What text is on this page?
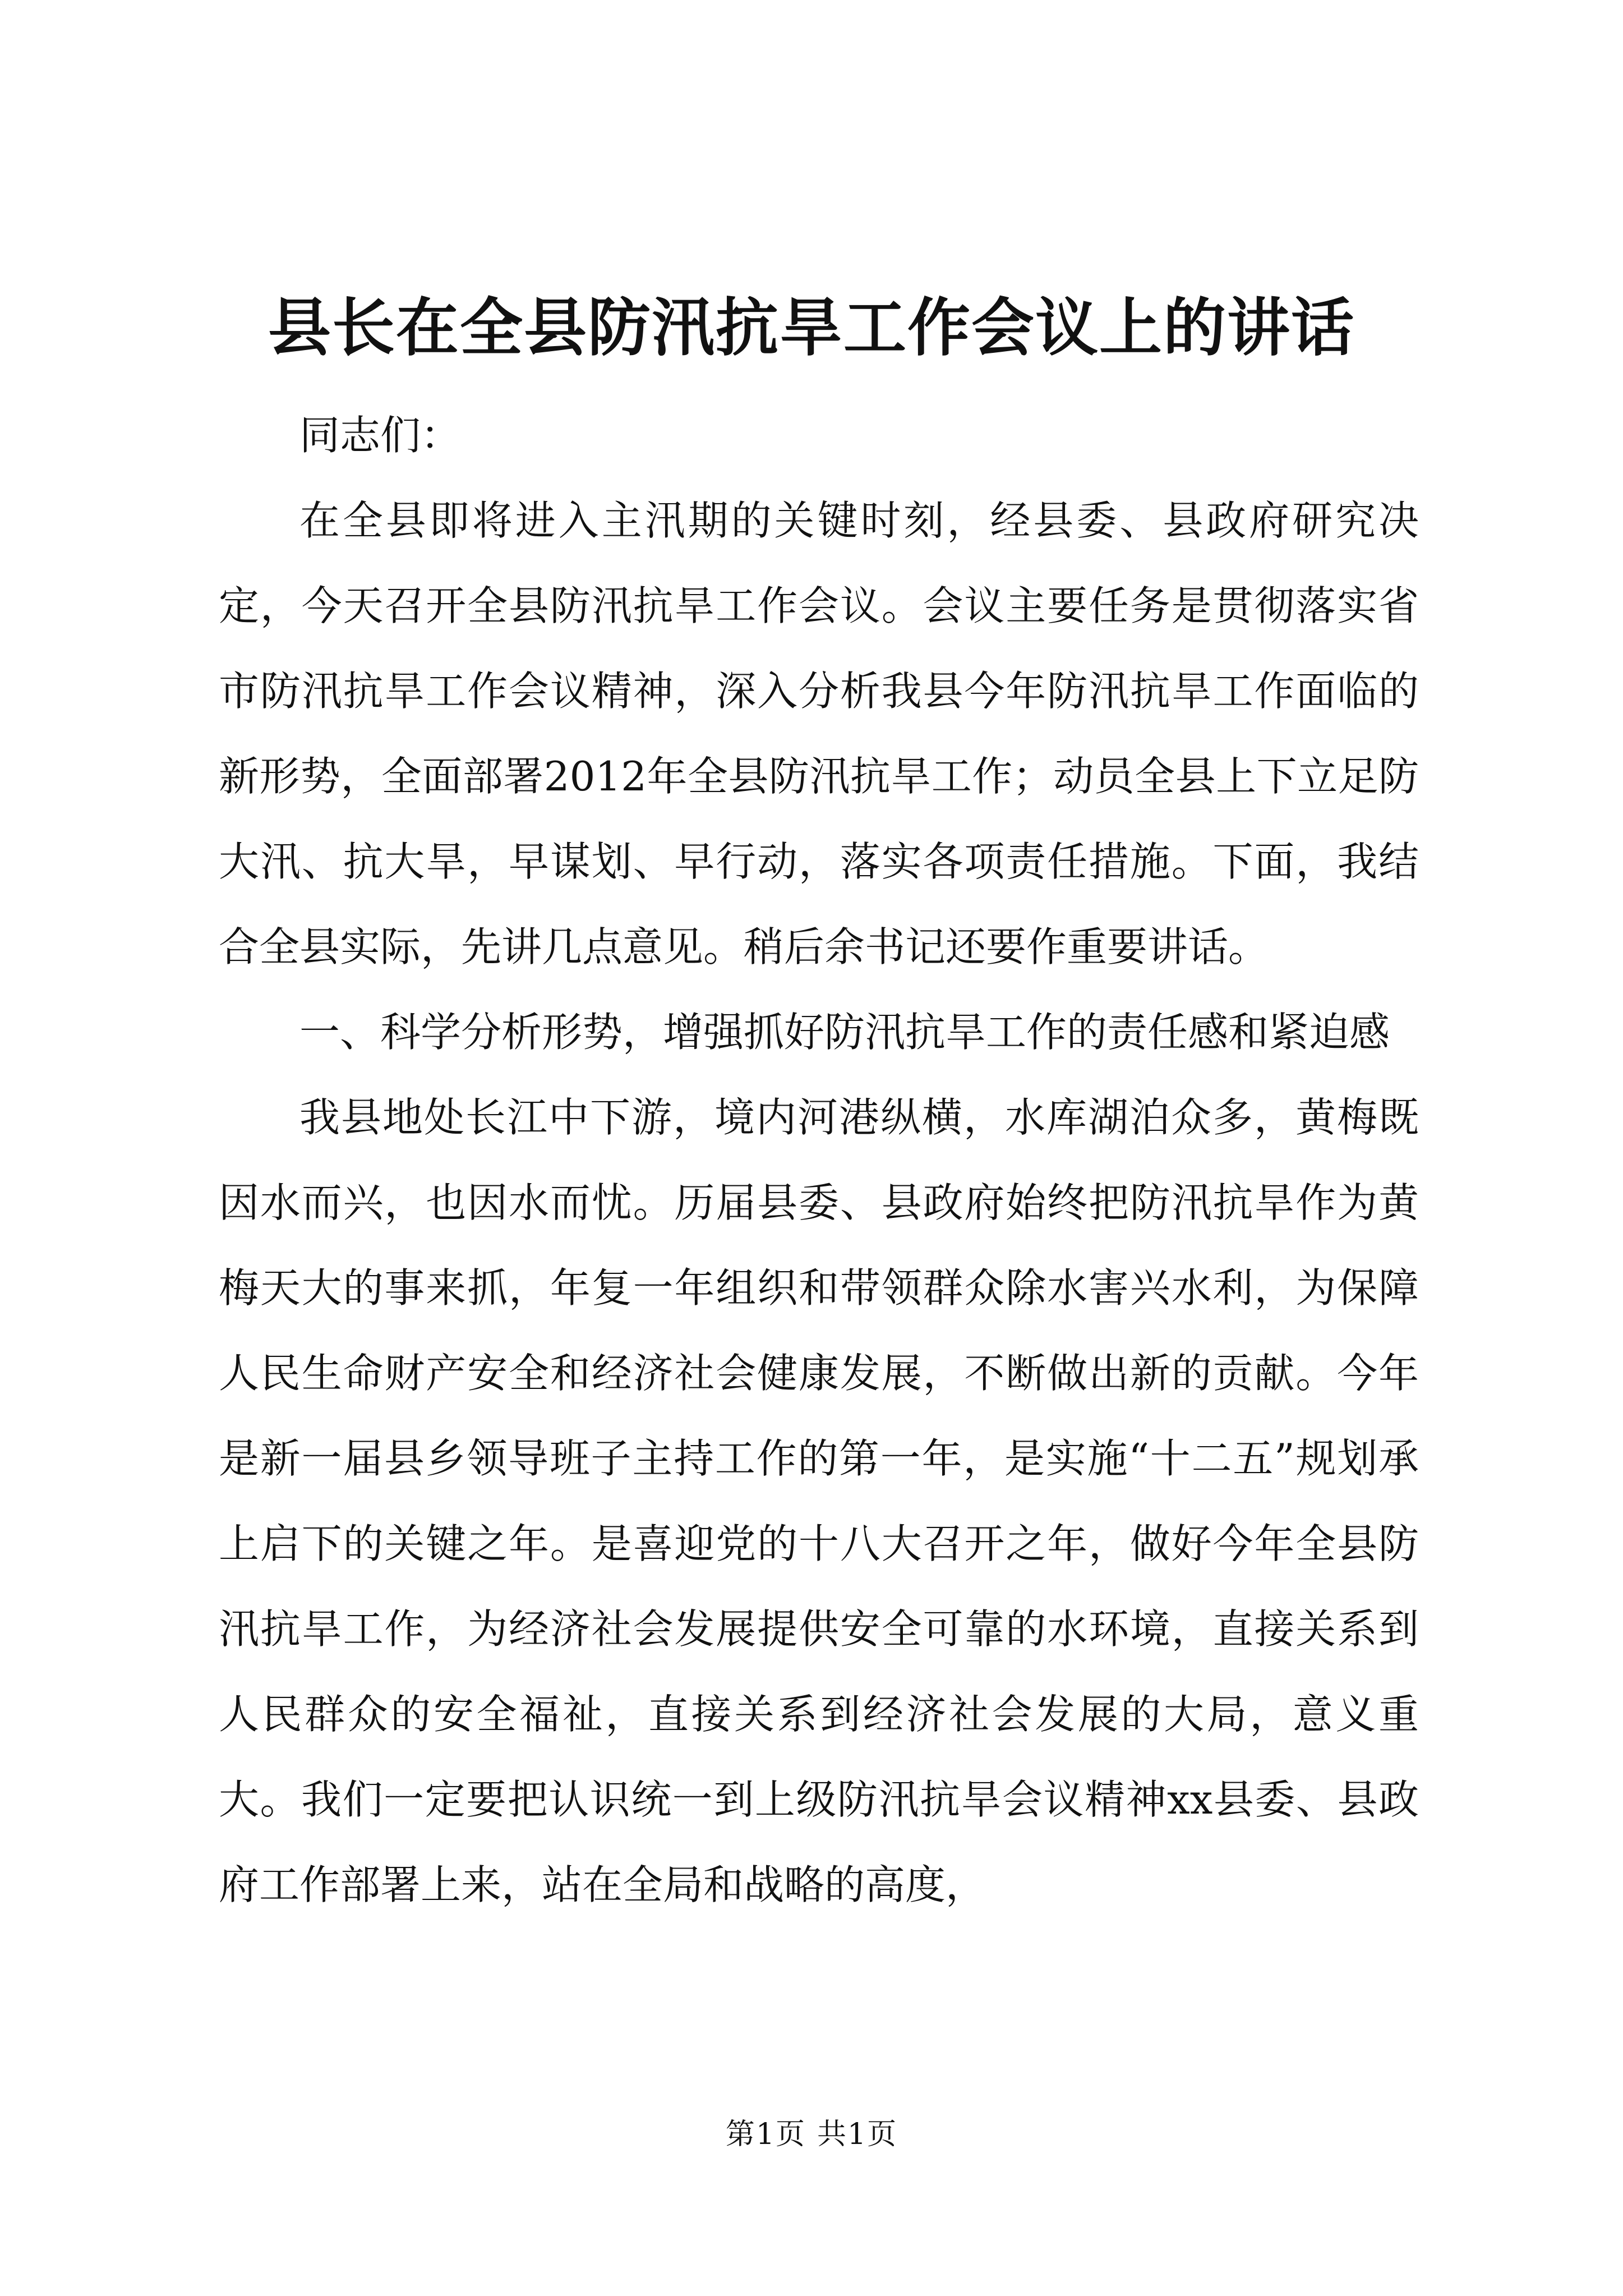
县长在全县防汛抗旱工作会议上的讲话

同志们：

在全县即将进入主汛期的关键时刻，经县委、县政府研究决定，今天召开全县防汛抗旱工作会议。会议主要任务是贯彻落实省市防汛抗旱工作会议精神，深入分析我县今年防汛抗旱工作面临的新形势，全面部署2012年全县防汛抗旱工作；动员全县上下立足防大汛、抗大旱，早谋划、早行动，落实各项责任措施。下面，我结合全县实际，先讲几点意见。稍后余书记还要作重要讲话。

一、科学分析形势，增强抓好防汛抗旱工作的责任感和紧迫感

我县地处长江中下游，境内河港纵横，水库湖泊众多，黄梅既因水而兴，也因水而忧。历届县委、县政府始终把防汛抗旱作为黄梅天大的事来抓，年复一年组织和带领群众除水害兴水利，为保障人民生命财产安全和经济社会健康发展，不断做出新的贡献。今年是新一届县乡领导班子主持工作的第一年，是实施“十二五”规划承上启下的关键之年。是喜迎党的十八大召开之年，做好今年全县防汛抗旱工作，为经济社会发展提供安全可靠的水环境，直接关系到人民群众的安全福祉，直接关系到经济社会发展的大局，意义重大。我们一定要把认识统一到上级防汛抗旱会议精神xx县委、县政府工作部署上来，站在全局和战略的高度，

第1页 共1页
